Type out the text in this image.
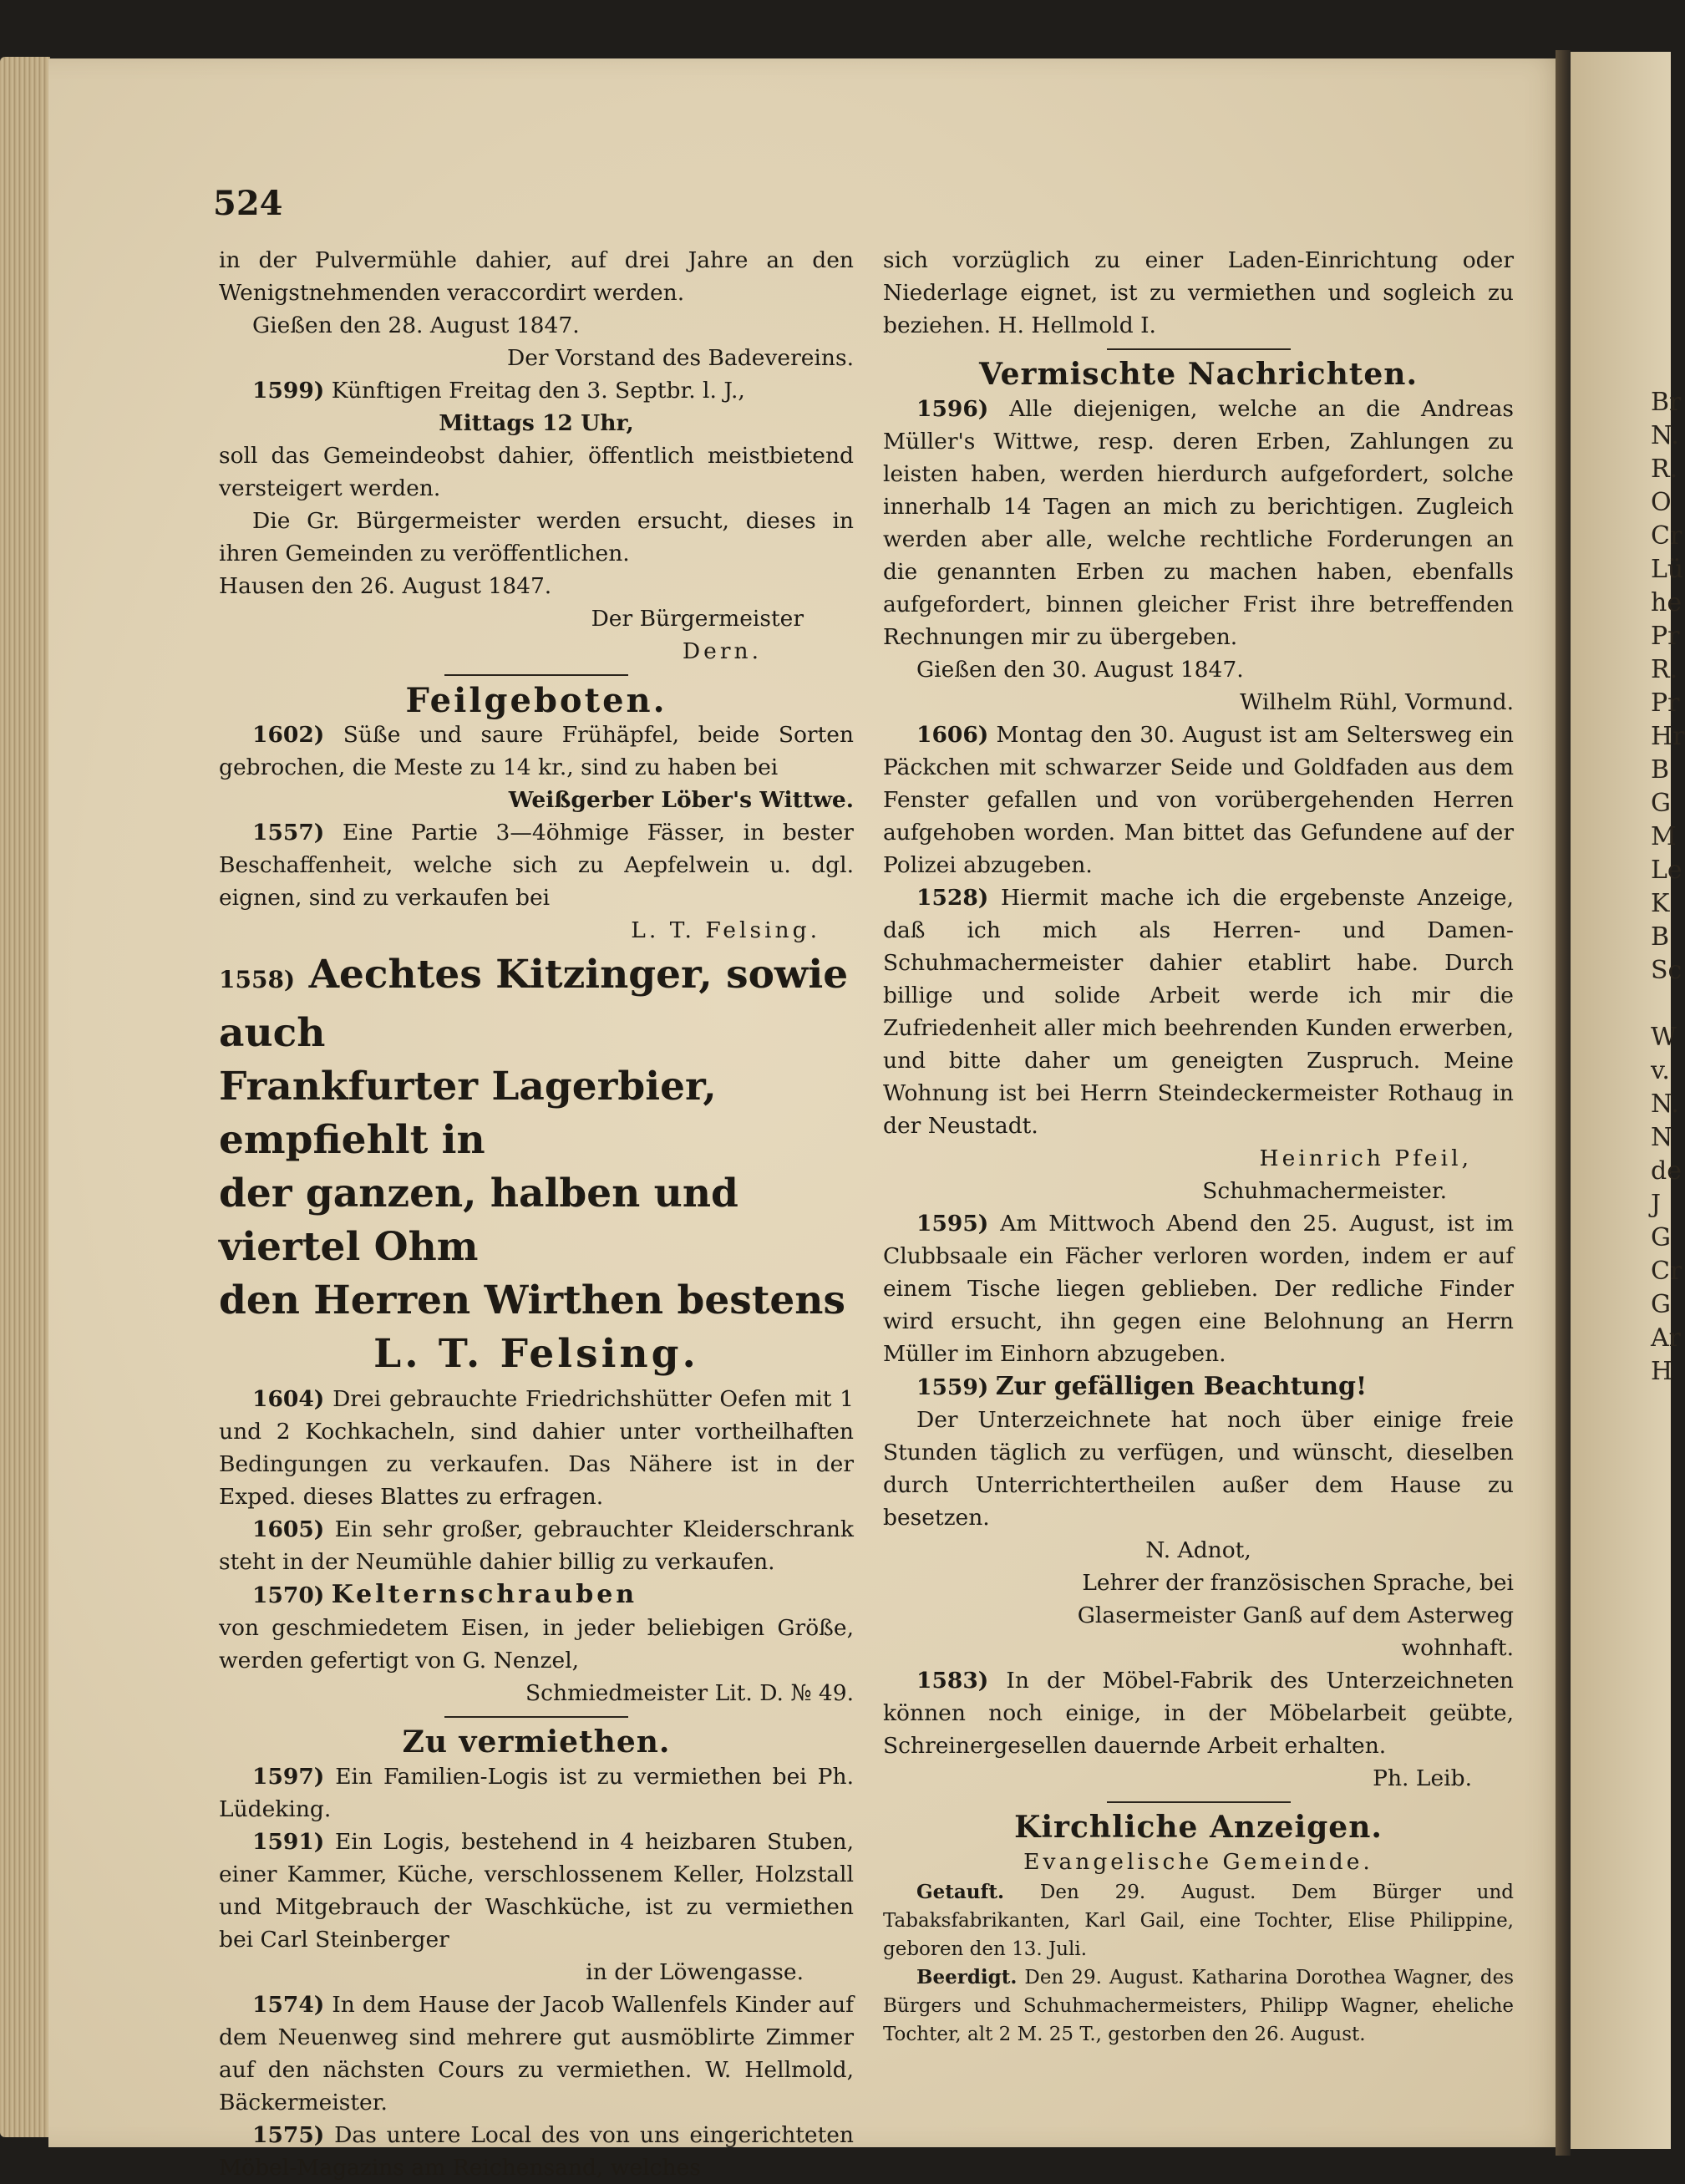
Br
N.
R.
O
Cr
Lü
he
Pr
R.
Pr
Hr
B
G
M
Le
K
B
Sc

W
v.
N.
N
de
J
G
Cr
G
Ar
H
524

in der Pulvermühle dahier, auf drei Jahre an den Wenigstnehmenden veraccordirt werden.

Gießen den 28. August 1847.

Der Vorstand des Badevereins.

1599) Künftigen Freitag den 3. Septbr. l. J.,

Mittags 12 Uhr,

soll das Gemeindeobst dahier, öffentlich meistbietend versteigert werden.

Die Gr. Bürgermeister werden ersucht, dieses in ihren Gemeinden zu veröffentlichen.

Hausen den 26. August 1847.

Der Bürgermeister

Dern.

Feilgeboten.

1602) Süße und saure Frühäpfel, beide Sorten gebrochen, die Meste zu 14 kr., sind zu haben bei

Weißgerber Löber's Wittwe.

1557) Eine Partie 3—4öhmige Fässer, in bester Beschaffenheit, welche sich zu Aepfelwein u. dgl. eignen, sind zu verkaufen bei

L. T. Felsing.

1558) Aechtes Kitzinger, sowie auch
Frankfurter Lagerbier, empfiehlt in
der ganzen, halben und viertel Ohm
den Herren Wirthen bestens
L. T. Felsing.

1604) Drei gebrauchte Friedrichshütter Oefen mit 1 und 2 Kochkacheln, sind dahier unter vortheilhaften Bedingungen zu verkaufen. Das Nähere ist in der Exped. dieses Blattes zu erfragen.

1605) Ein sehr großer, gebrauchter Kleiderschrank steht in der Neumühle dahier billig zu verkaufen.

1570) Kelternschrauben

von geschmiedetem Eisen, in jeder beliebigen Größe, werden gefertigt von G. Nenzel,

Schmiedmeister Lit. D. № 49.

Zu vermiethen.

1597) Ein Familien-Logis ist zu vermiethen bei Ph. Lüdeking.

1591) Ein Logis, bestehend in 4 heizbaren Stuben, einer Kammer, Küche, verschlossenem Keller, Holzstall und Mitgebrauch der Waschküche, ist zu vermiethen bei Carl Steinberger

in der Löwengasse.

1574) In dem Hause der Jacob Wallenfels Kinder auf dem Neuenweg sind mehrere gut ausmöblirte Zimmer auf den nächsten Cours zu vermiethen. W. Hellmold, Bäckermeister.

1575) Das untere Local des von uns eingerichteten Möbel-Magazins am Reichensand, welches

sich vorzüglich zu einer Laden-Einrichtung oder Niederlage eignet, ist zu vermiethen und sogleich zu beziehen. H. Hellmold I.

Vermischte Nachrichten.

1596) Alle diejenigen, welche an die Andreas Müller's Wittwe, resp. deren Erben, Zahlungen zu leisten haben, werden hierdurch aufgefordert, solche innerhalb 14 Tagen an mich zu berichtigen. Zugleich werden aber alle, welche rechtliche Forderungen an die genannten Erben zu machen haben, ebenfalls aufgefordert, binnen gleicher Frist ihre betreffenden Rechnungen mir zu übergeben.

Gießen den 30. August 1847.

Wilhelm Rühl, Vormund.

1606) Montag den 30. August ist am Seltersweg ein Päckchen mit schwarzer Seide und Goldfaden aus dem Fenster gefallen und von vorübergehenden Herren aufgehoben worden. Man bittet das Gefundene auf der Polizei abzugeben.

1528) Hiermit mache ich die ergebenste Anzeige, daß ich mich als Herren- und Damen-Schuhmachermeister dahier etablirt habe. Durch billige und solide Arbeit werde ich mir die Zufriedenheit aller mich beehrenden Kunden erwerben, und bitte daher um geneigten Zuspruch. Meine Wohnung ist bei Herrn Steindeckermeister Rothaug in der Neustadt.

Heinrich Pfeil,

Schuhmachermeister.

1595) Am Mittwoch Abend den 25. August, ist im Clubbsaale ein Fächer verloren worden, indem er auf einem Tische liegen geblieben. Der redliche Finder wird ersucht, ihn gegen eine Belohnung an Herrn Müller im Einhorn abzugeben.

1559) Zur gefälligen Beachtung!

Der Unterzeichnete hat noch über einige freie Stunden täglich zu verfügen, und wünscht, dieselben durch Unterrichtertheilen außer dem Hause zu besetzen.

N. Adnot,

Lehrer der französischen Sprache, bei Glasermeister Ganß auf dem Asterweg wohnhaft.

1583) In der Möbel-Fabrik des Unterzeichneten können noch einige, in der Möbelarbeit geübte, Schreinergesellen dauernde Arbeit erhalten.

Ph. Leib.

Kirchliche Anzeigen.

Evangelische Gemeinde.

Getauft. Den 29. August. Dem Bürger und Tabaksfabrikanten, Karl Gail, eine Tochter, Elise Philippine, geboren den 13. Juli.

Beerdigt. Den 29. August. Katharina Dorothea Wagner, des Bürgers und Schuhmachermeisters, Philipp Wagner, eheliche Tochter, alt 2 M. 25 T., gestorben den 26. August.
